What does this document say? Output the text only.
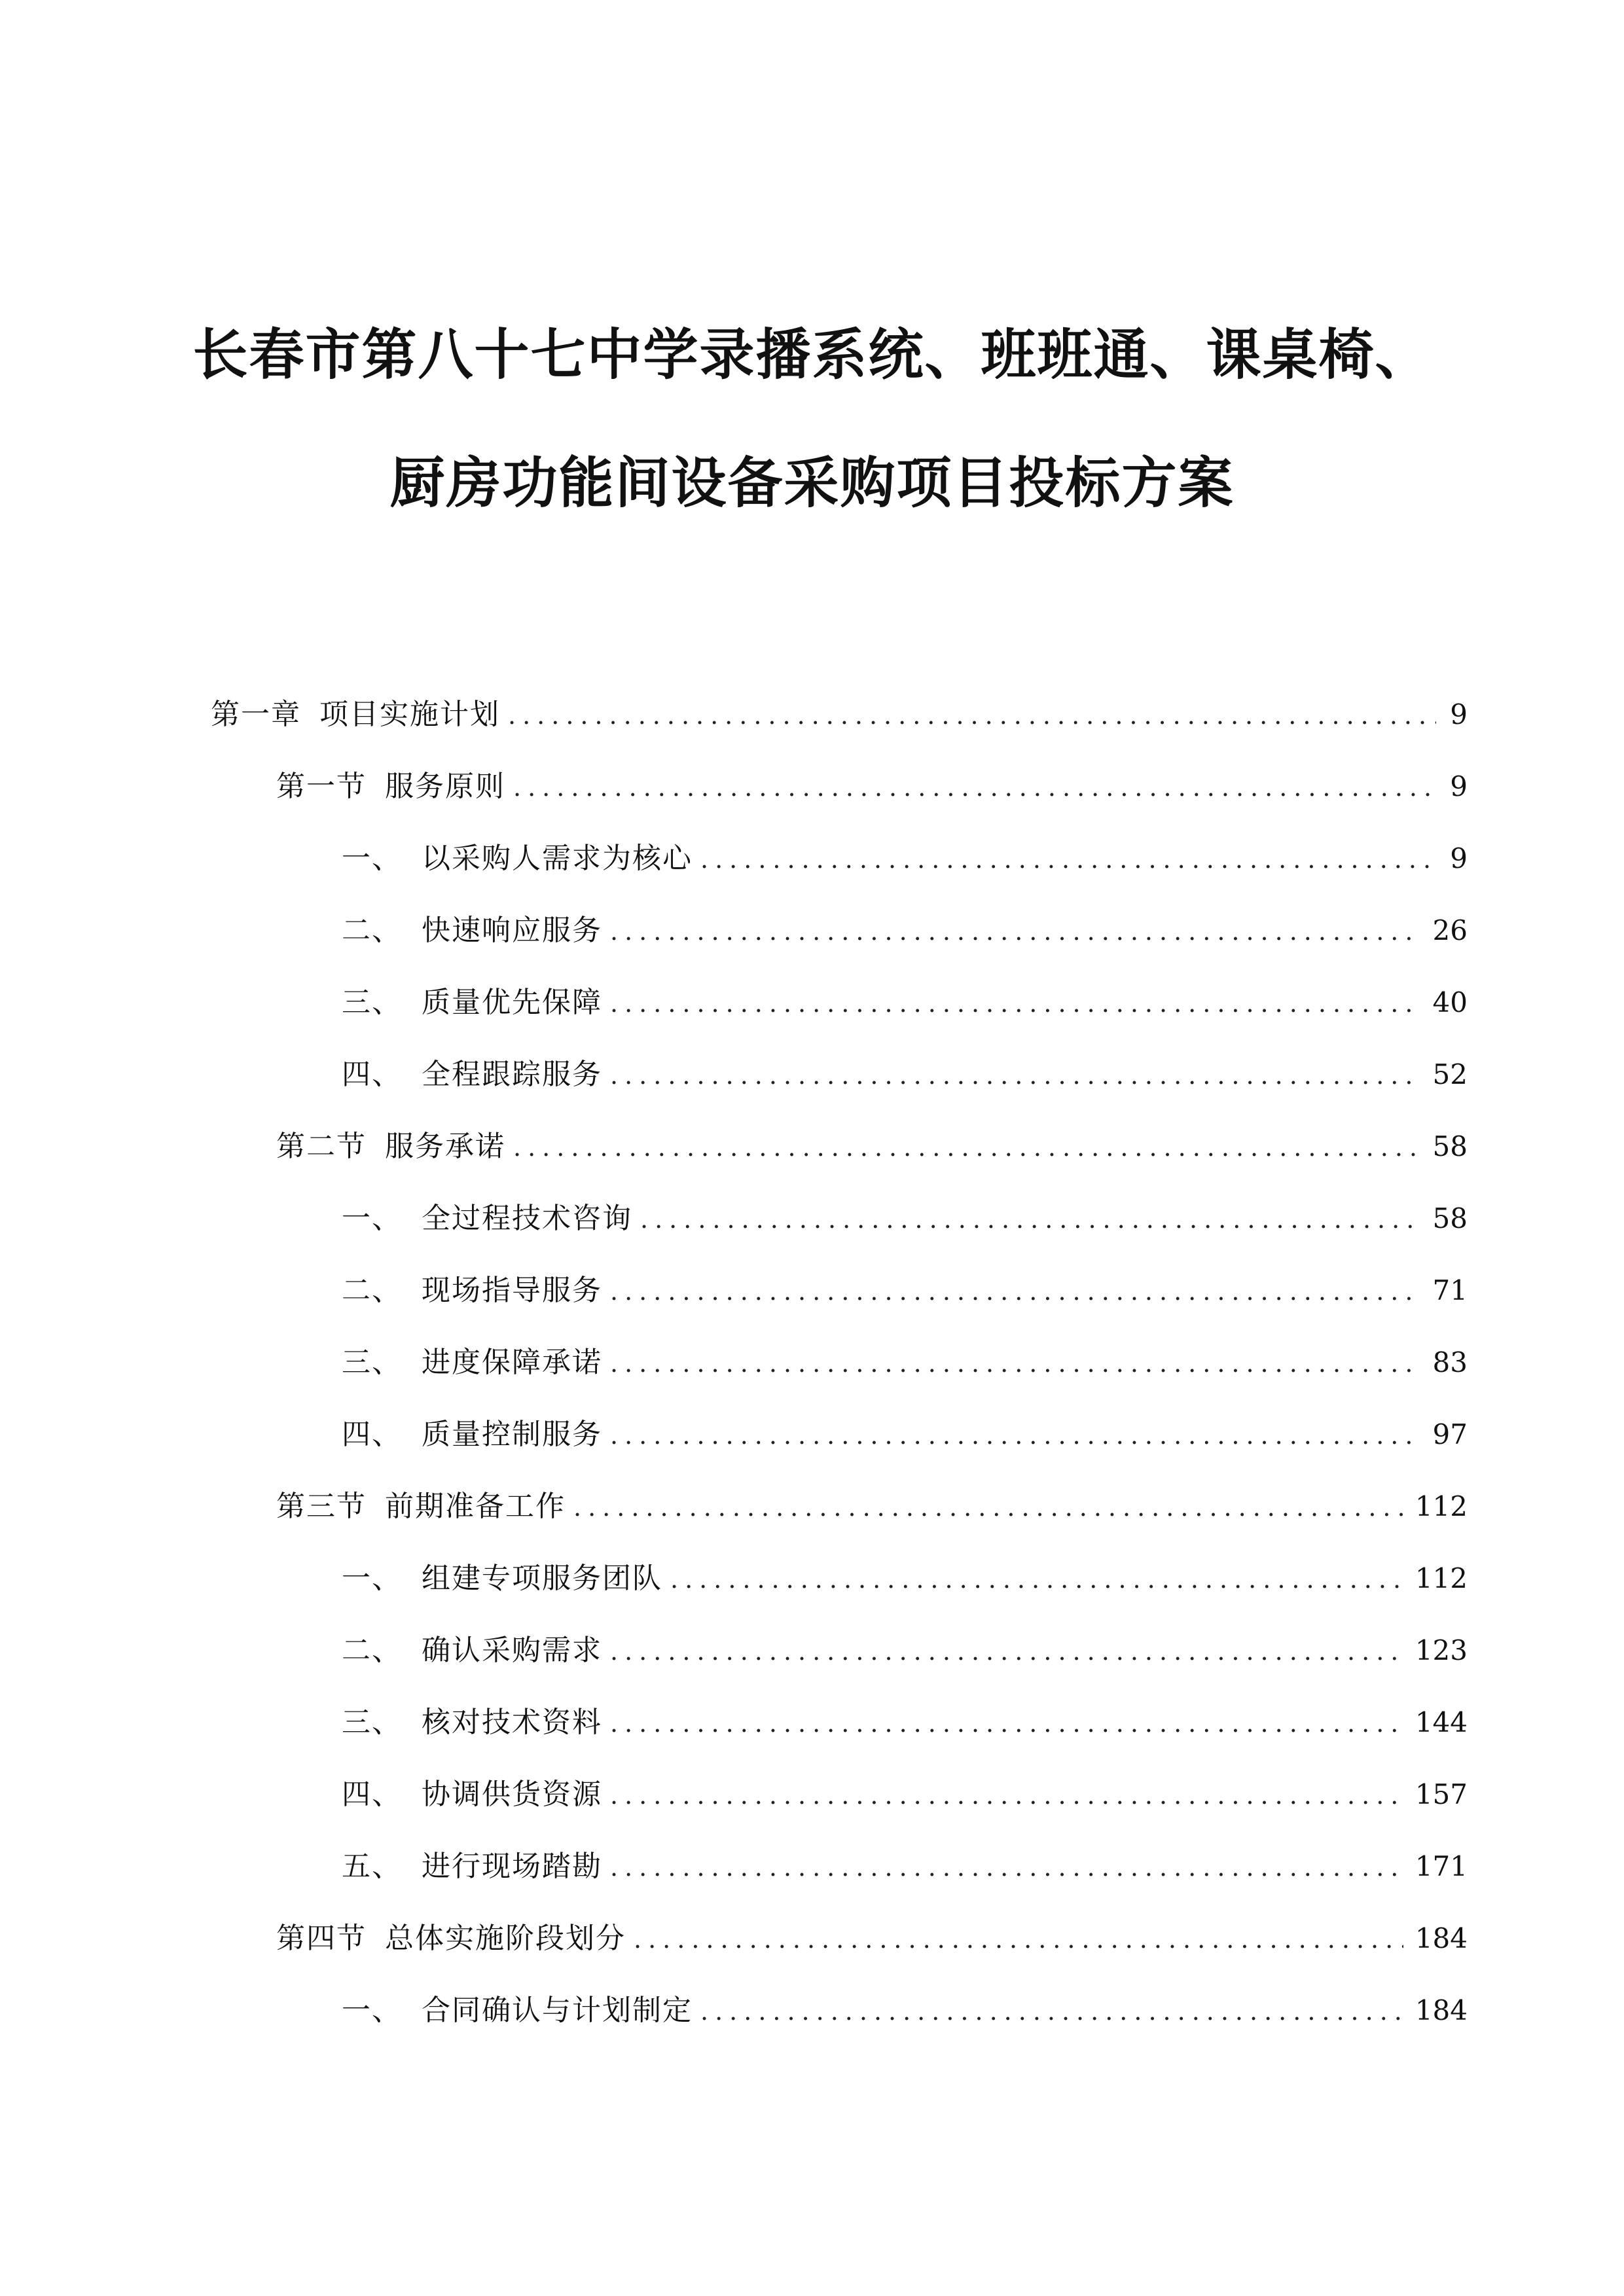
长春市第八十七中学录播系统、班班通、课桌椅、
厨房功能间设备采购项目投标方案
第一章 项目实施计划 .....	9
第一节 服务原则 .....	9
一、 以采购人需求为核心 .....	9
二、 快速响应服务 .....	26
三、 质量优先保障 .....	40
四、 全程跟踪服务 .....	52
第二节 服务承诺 .....	58
一、 全过程技术咨询 .....	58
二、 现场指导服务 .....	71
三、 进度保障承诺 .....	83
四、 质量控制服务 .....	97
第三节 前期准备工作 .....	112
一、 组建专项服务团队 .....	112
二、 确认采购需求 .....	123
三、 核对技术资料 .....	144
四、 协调供货资源 .....	157
五、 进行现场踏勘 .....	171
第四节 总体实施阶段划分 .....	184
一、 合同确认与计划制定 .....	184
